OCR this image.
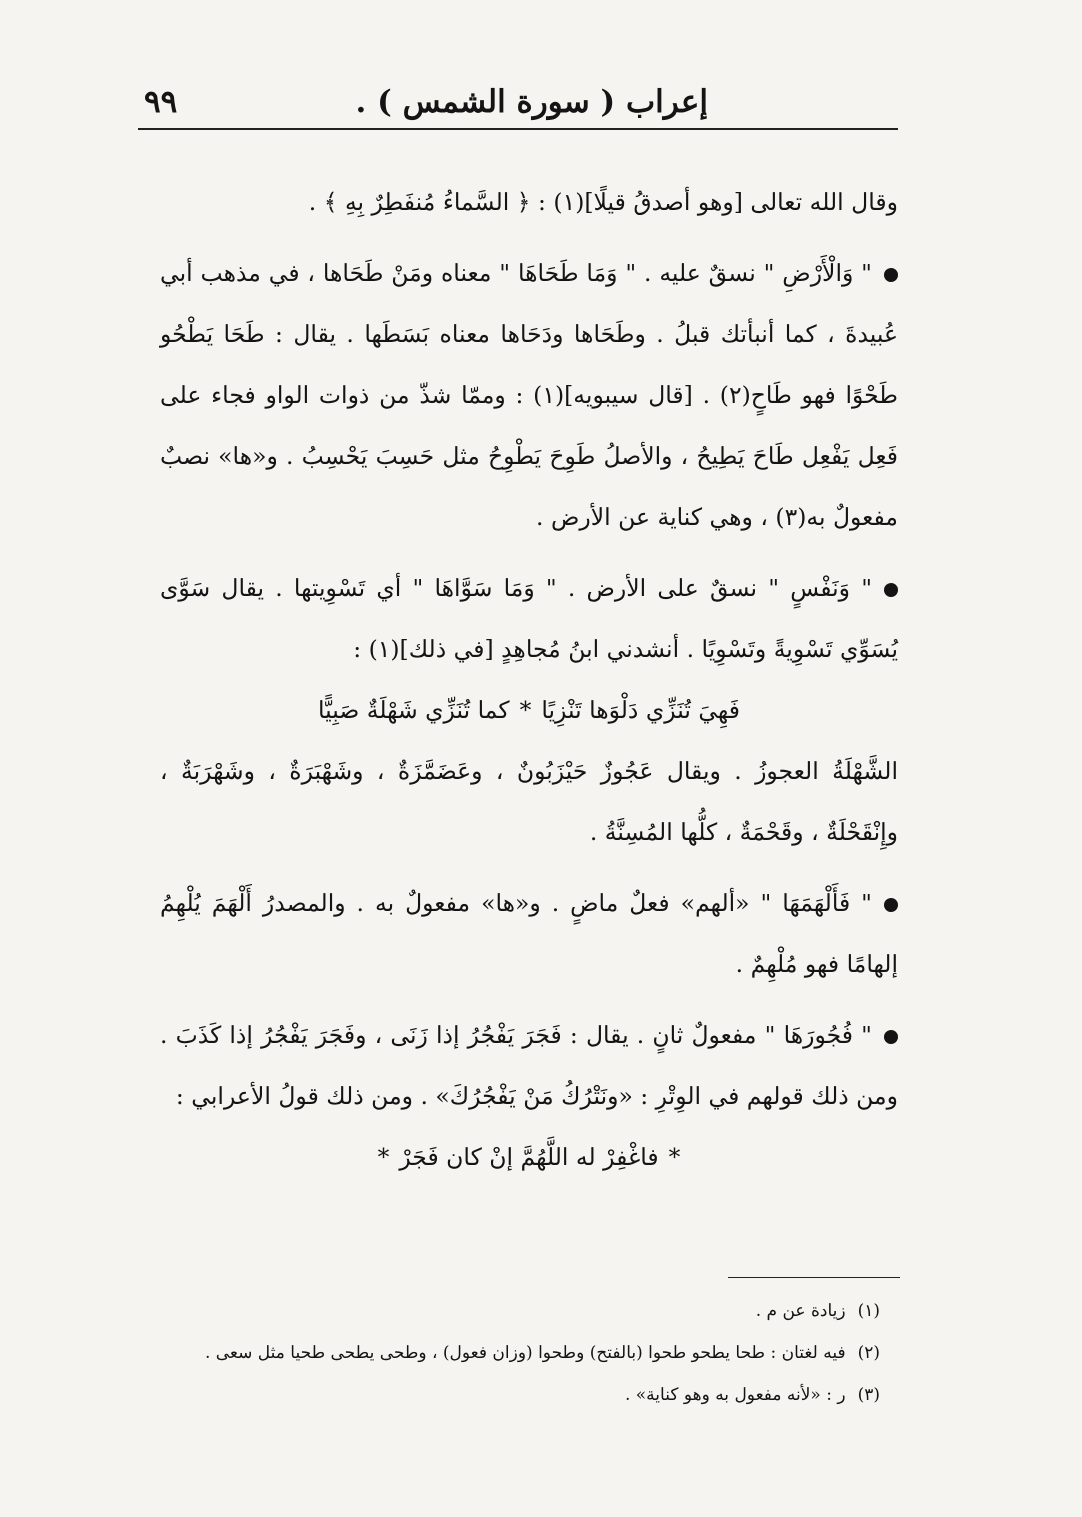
إعراب ( سورة الشمس ) .
٩٩

وقال الله تعالى [وهو أصدقُ قيلًا](١) : ﴿ السَّماءُ مُنفَطِرٌ بِهِ ﴾ .

" وَالْأَرْضِ " نسقٌ عليه . " وَمَا طَحَاهَا " معناه ومَنْ طَحَاها ، في مذهب أبي عُبيدةَ ، كما أنبأتك قبلُ . وطَحَاها ودَحَاها معناه بَسَطَها . يقال : طَحَا يَطْحُو طَحْوًا فهو طَاحٍ(٢) . [قال سيبويه](١) : وممّا شذّ من ذوات الواو فجاء على فَعِل يَفْعِل طَاحَ يَطِيحُ ، والأصلُ طَوِحَ يَطْوِحُ مثل حَسِبَ يَحْسِبُ . و«ها» نصبٌ مفعولٌ به(٣) ، وهي كناية عن الأرض .

" وَنَفْسٍ " نسقٌ على الأرض . " وَمَا سَوَّاهَا " أي تَسْوِيتها . يقال سَوَّى يُسَوِّي تَسْوِيةً وتَسْوِيًا . أنشدني ابنُ مُجاهِدٍ [في ذلك](١) :

فَهِيَ تُنَزِّي دَلْوَها تَنْزِيًا*كما تُنَزِّي شَهْلَةٌ صَبِيًّا

الشَّهْلَةُ العجوزُ . ويقال عَجُوزٌ حَيْزَبُونٌ ، وعَضَمَّزَةٌ ، وشَهْبَرَةٌ ، وشَهْرَبَةٌ ، وإِنْقَحْلَةٌ ، وقَحْمَةٌ ، كلُّها المُسِنَّةُ .

" فَأَلْهَمَهَا " «ألهم» فعلٌ ماضٍ . و«ها» مفعولٌ به . والمصدرُ أَلْهَمَ يُلْهِمُ إلهامًا فهو مُلْهِمٌ .

" فُجُورَهَا " مفعولٌ ثانٍ . يقال : فَجَرَ يَفْجُرُ إذا زَنَى ، وفَجَرَ يَفْجُرُ إذا كَذَبَ . ومن ذلك قولهم في الوِتْرِ : «ونَتْرُكُ مَنْ يَفْجُرُكَ» . ومن ذلك قولُ الأعرابي :

*فاغْفِرْ له اللَّهُمَّ إنْ كان فَجَرْ*

(١)زيادة عن م .

(٢)فيه لغتان : طحا يطحو طحوا (بالفتح) وطحوا (وزان فعول) ، وطحى يطحى طحيا مثل سعى .

(٣)ر : «لأنه مفعول به وهو كناية» .
